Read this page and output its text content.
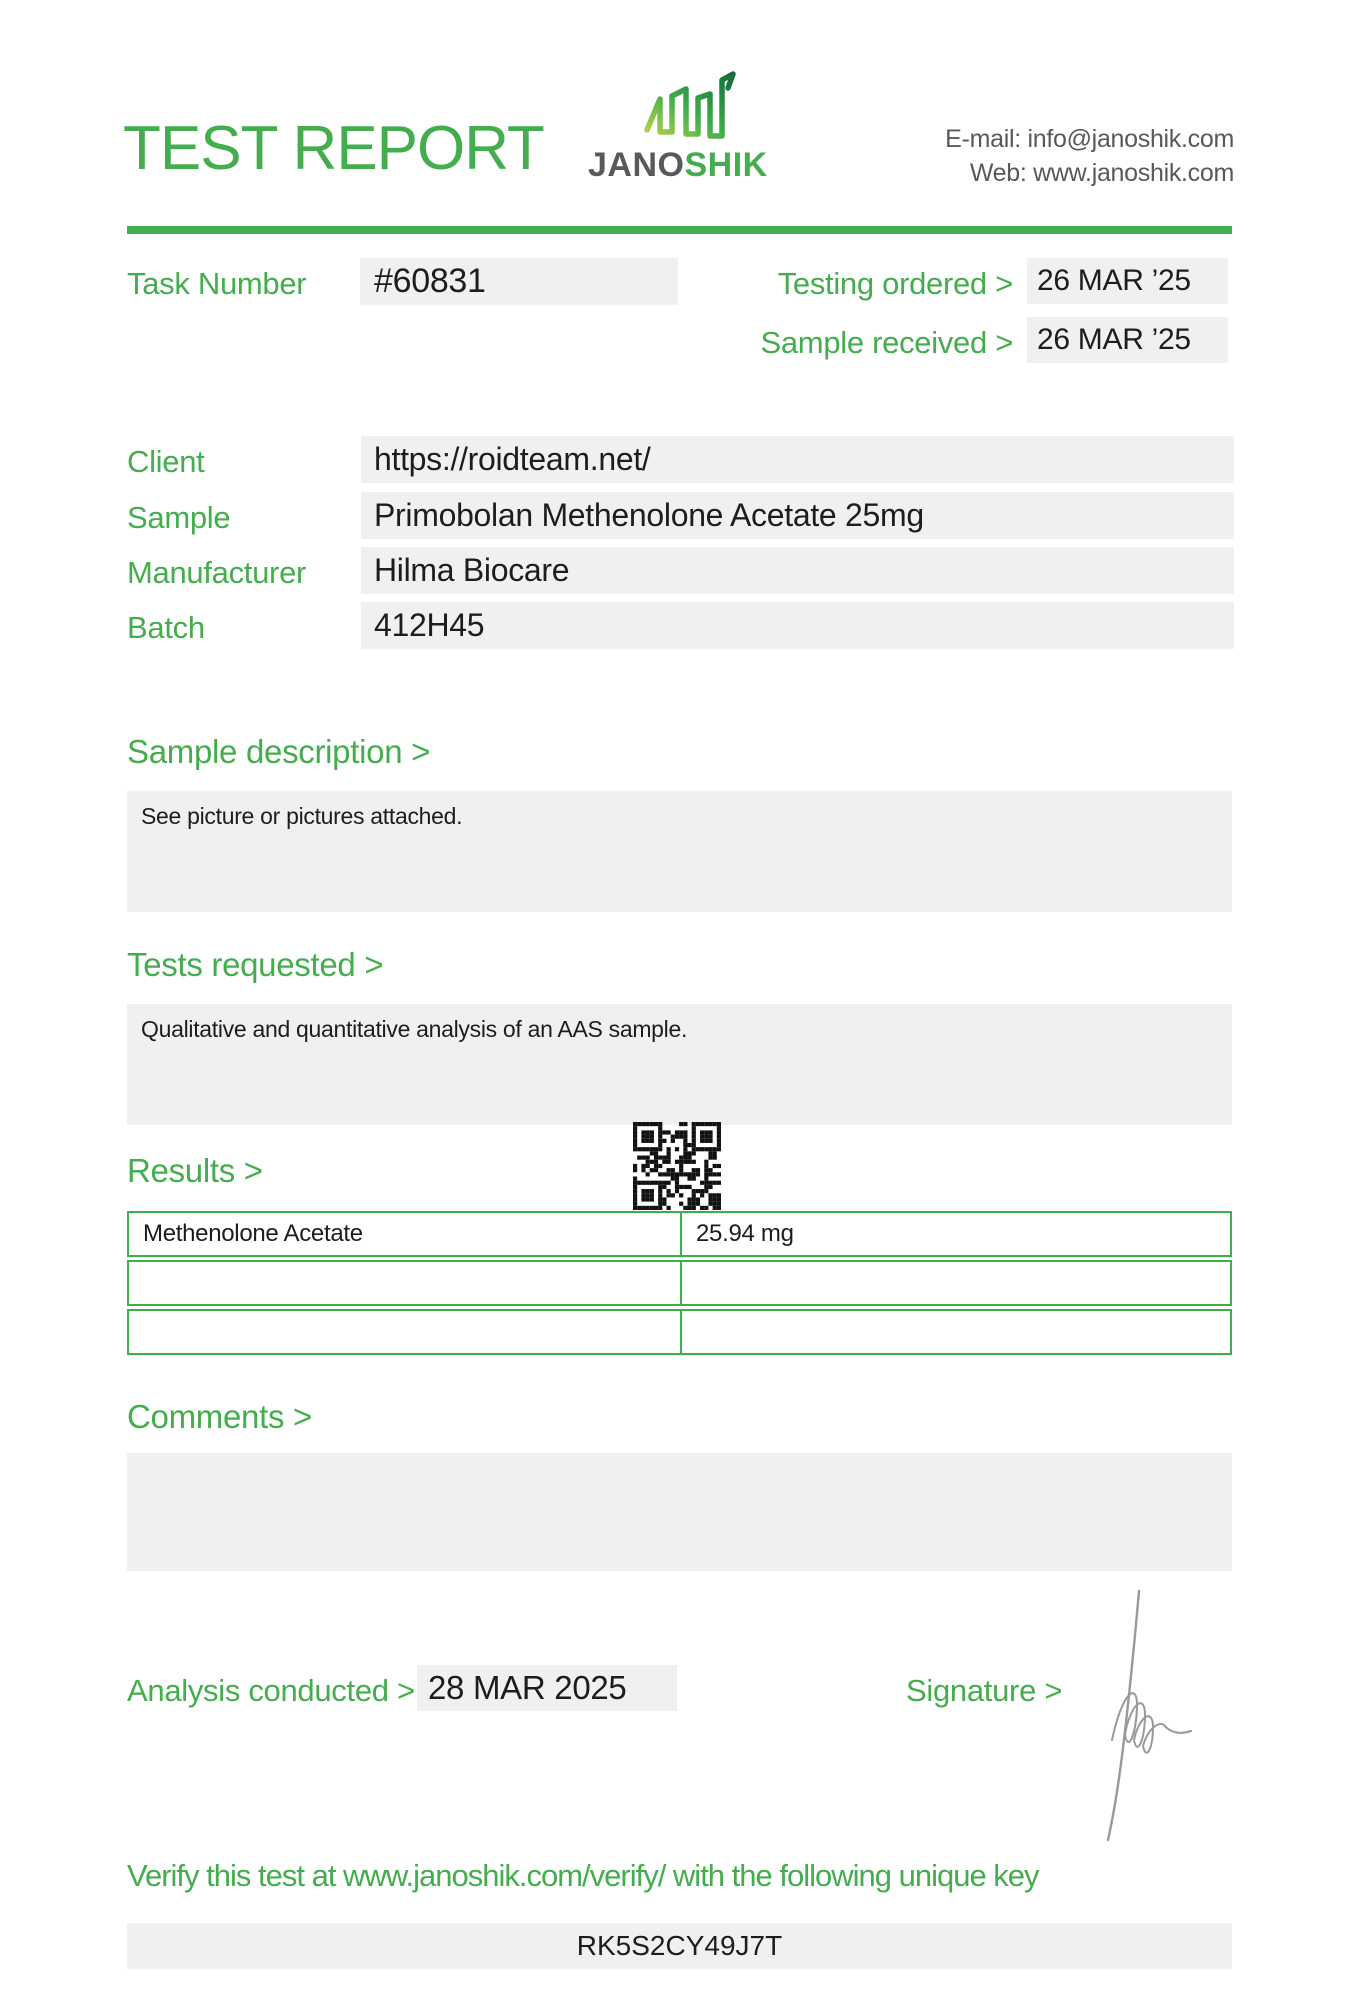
TEST REPORT JANOSHIK
E-mail: info@janoshik.com
Web: www.janoshik.com
Task Number	#60831	Testing ordered > 26 MAR ’25
Sample received > 26 MAR ’25
Client	https://roidteam.net/
Sample	Primobolan Methenolone Acetate 25mg
Manufacturer	Hilma Biocare
Batch	412H45
Sample description >
See picture or pictures attached.
Tests requested >
Qualitative and quantitative analysis of an AAS sample.
Results >
Methenolone Acetate	25.94 mg
Comments >
Analysis conducted > 28 MAR 2025	Signature >
Verify this test at www.janoshik.com/verify/ with the following unique key
RK5S2CY49J7T
